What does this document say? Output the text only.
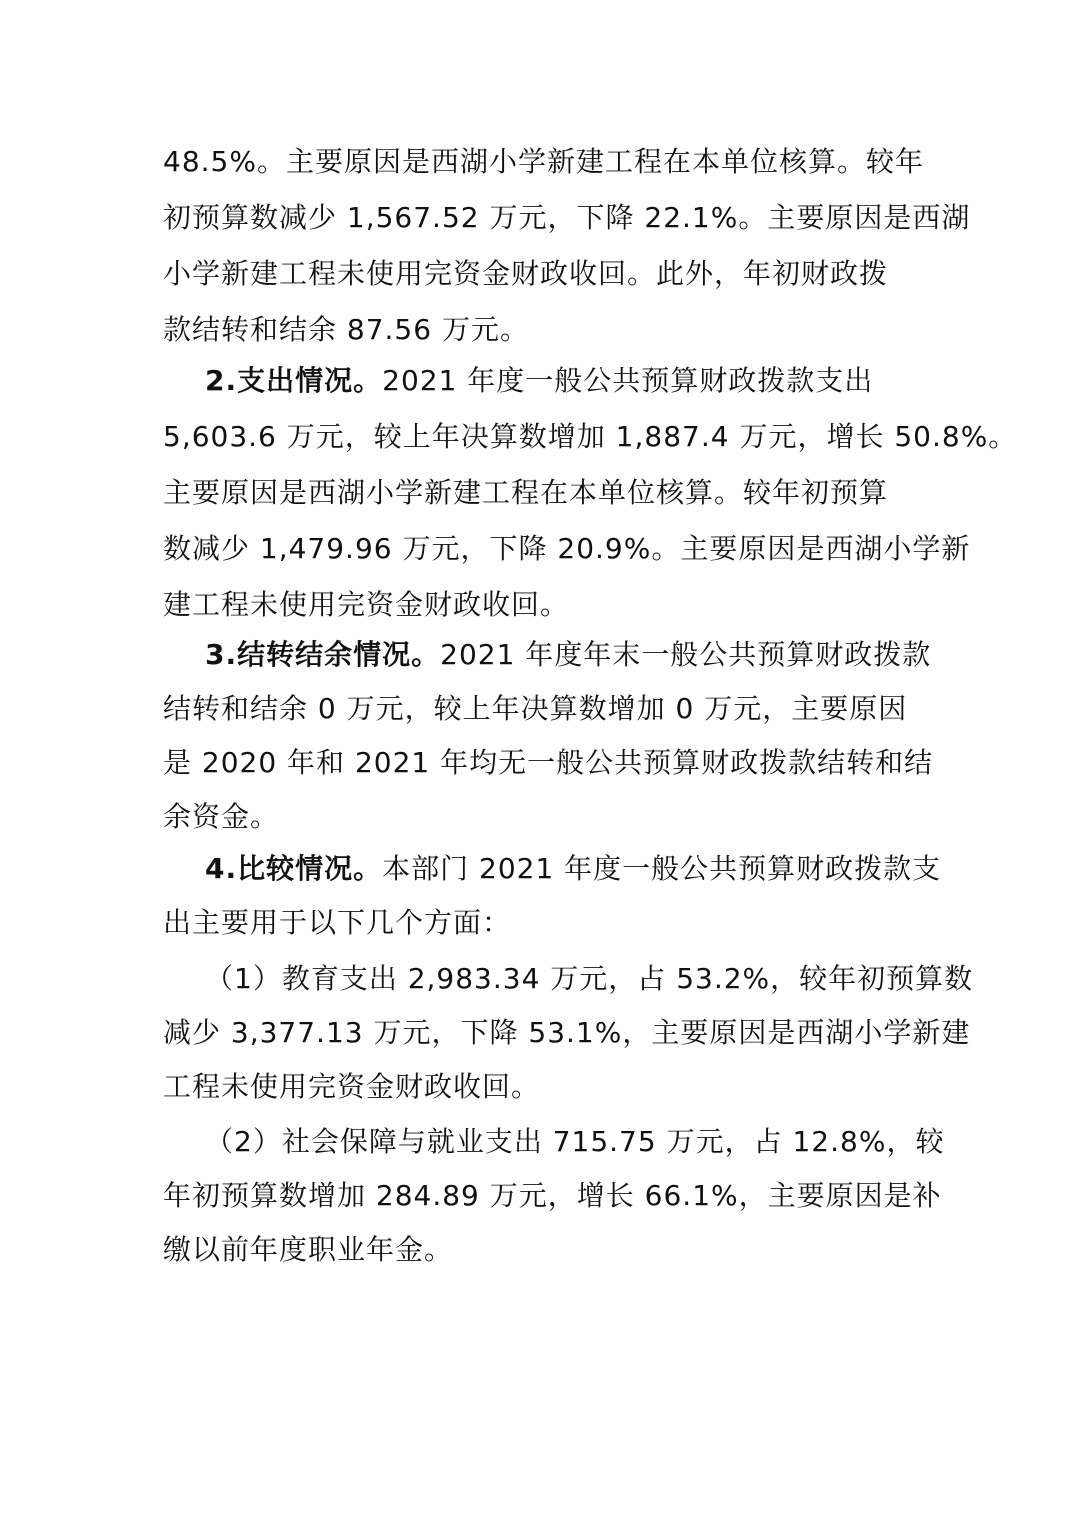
48.5%。主要原因是西湖小学新建工程在本单位核算。较年
初预算数减少 1,567.52 万元，下降 22.1%。主要原因是西湖
小学新建工程未使用完资金财政收回。此外，年初财政拨
款结转和结余 87.56 万元。
2.支出情况。2021 年度一般公共预算财政拨款支出
5,603.6 万元，较上年决算数增加 1,887.4 万元，增长 50.8%。
主要原因是西湖小学新建工程在本单位核算。较年初预算
数减少 1,479.96 万元，下降 20.9%。主要原因是西湖小学新
建工程未使用完资金财政收回。
3.结转结余情况。2021 年度年末一般公共预算财政拨款
结转和结余 0 万元，较上年决算数增加 0 万元，主要原因
是 2020 年和 2021 年均无一般公共预算财政拨款结转和结
余资金。
4.比较情况。本部门 2021 年度一般公共预算财政拨款支
出主要用于以下几个方面：
（1）教育支出 2,983.34 万元，占 53.2%，较年初预算数
减少 3,377.13 万元，下降 53.1%，主要原因是西湖小学新建
工程未使用完资金财政收回。
（2）社会保障与就业支出 715.75 万元，占 12.8%，较
年初预算数增加 284.89 万元，增长 66.1%，主要原因是补
缴以前年度职业年金。
